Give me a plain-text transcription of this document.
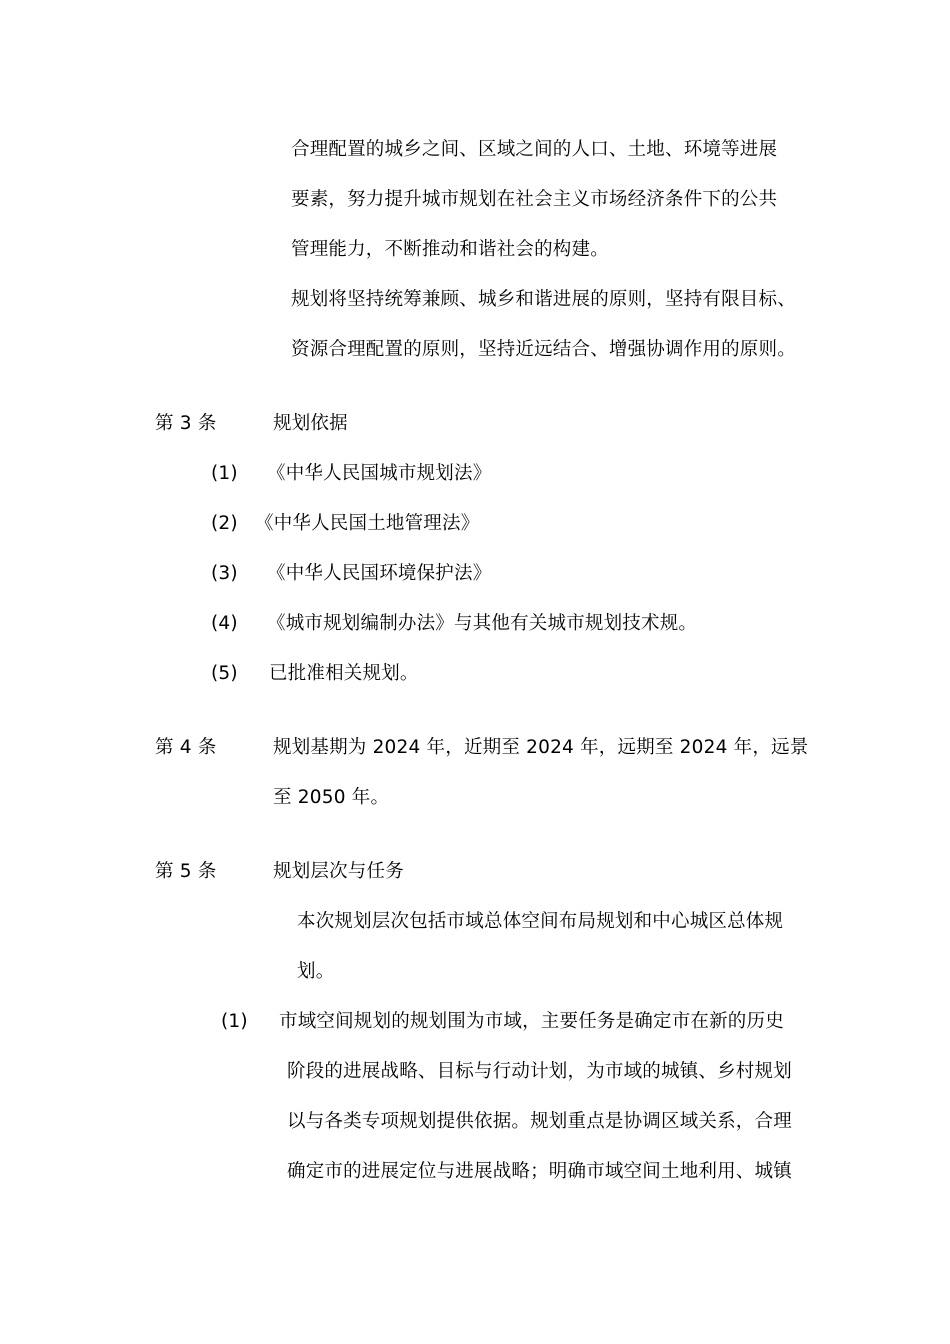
合理配置的城乡之间、区域之间的人口、土地、环境等进展
要素，努力提升城市规划在社会主义市场经济条件下的公共
管理能力，不断推动和谐社会的构建。
规划将坚持统筹兼顾、城乡和谐进展的原则，坚持有限目标、
资源合理配置的原则，坚持近远结合、增强协调作用的原则。
第 3 条	规划依据
(1) 《中华人民国城市规划法》
(2) 《中华人民国土地管理法》
(3) 《中华人民国环境保护法》
(4) 《城市规划编制办法》与其他有关城市规划技术规。
(5) 已批准相关规划。
第 4 条	规划基期为 2024 年，近期至 2024 年，远期至 2024 年，远景
至 2050 年。
第 5 条	规划层次与任务
本次规划层次包括市域总体空间布局规划和中心城区总体规
划。
(1) 市域空间规划的规划围为市域，主要任务是确定市在新的历史
阶段的进展战略、目标与行动计划，为市域的城镇、乡村规划
以与各类专项规划提供依据。规划重点是协调区域关系，合理
确定市的进展定位与进展战略；明确市域空间土地利用、城镇
